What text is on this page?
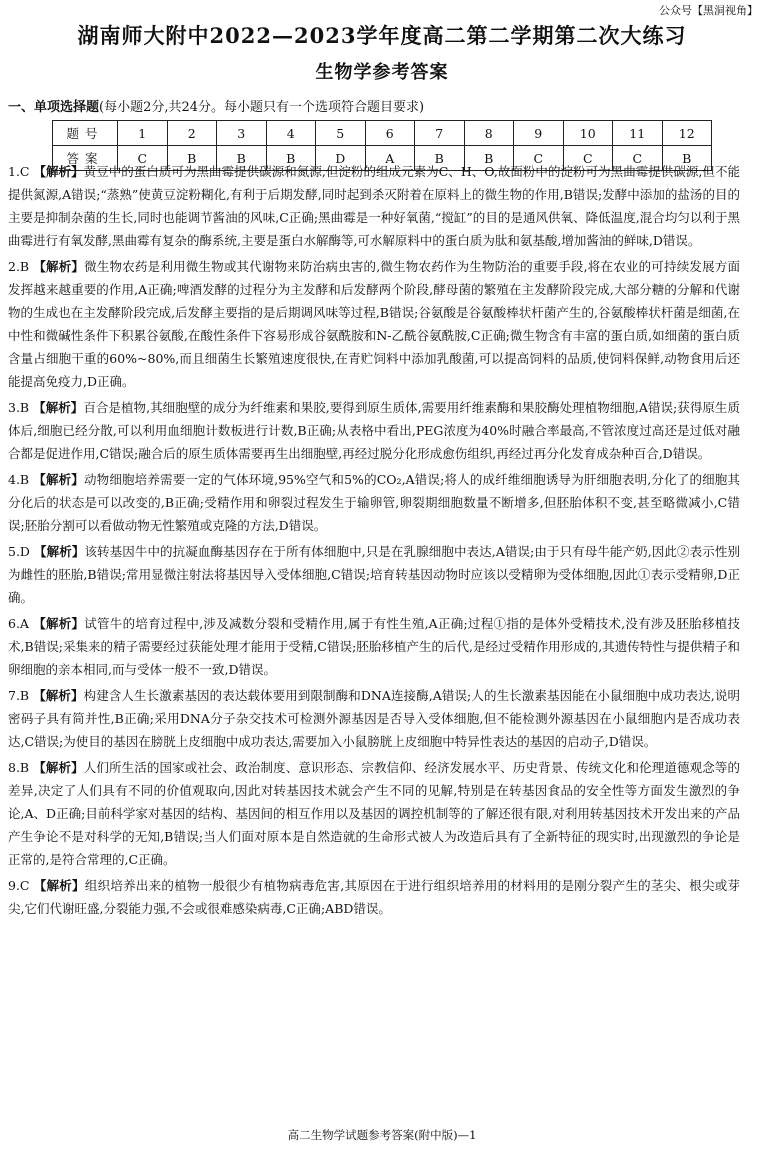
公众号【黑洞视角】
湖南师大附中2022—2023学年度高二第二学期第二次大练习
生物学参考答案
一、单项选择题(每小题2分,共24分。每小题只有一个选项符合题目要求)
题号	1	2	3	4	5	6	7	8	9	10	11	12
答案	C	B	B	B	D	A	B	B	C	C	C	B
1.C 【解析】黄豆中的蛋白质可为黑曲霉提供碳源和氮源,但淀粉的组成元素为C、H、O,故面粉中的淀粉可为黑曲霉提供碳源,但不能提供氮源,A错误;“蒸熟”使黄豆淀粉糊化,有利于后期发酵,同时起到杀灭附着在原料上的微生物的作用,B错误;发酵中添加的盐汤的目的主要是抑制杂菌的生长,同时也能调节酱油的风味,C正确;黑曲霉是一种好氧菌,“搅缸”的目的是通风供氧、降低温度,混合均匀以利于黑曲霉进行有氧发酵,黑曲霉有复杂的酶系统,主要是蛋白水解酶等,可水解原料中的蛋白质为肽和氨基酸,增加酱油的鲜味,D错误。
2.B 【解析】微生物农药是利用微生物或其代谢物来防治病虫害的,微生物农药作为生物防治的重要手段,将在农业的可持续发展方面发挥越来越重要的作用,A正确;啤酒发酵的过程分为主发酵和后发酵两个阶段,酵母菌的繁殖在主发酵阶段完成,大部分糖的分解和代谢物的生成也在主发酵阶段完成,后发酵主要指的是后期调风味等过程,B错误;谷氨酸是谷氨酸棒状杆菌产生的,谷氨酸棒状杆菌是细菌,在中性和微碱性条件下积累谷氨酸,在酸性条件下容易形成谷氨酰胺和N-乙酰谷氨酰胺,C正确;微生物含有丰富的蛋白质,如细菌的蛋白质含量占细胞干重的60%~80%,而且细菌生长繁殖速度很快,在青贮饲料中添加乳酸菌,可以提高饲料的品质,使饲料保鲜,动物食用后还能提高免疫力,D正确。
3.B 【解析】百合是植物,其细胞壁的成分为纤维素和果胶,要得到原生质体,需要用纤维素酶和果胶酶处理植物细胞,A错误;获得原生质体后,细胞已经分散,可以利用血细胞计数板进行计数,B正确;从表格中看出,PEG浓度为40%时融合率最高,不管浓度过高还是过低对融合都是促进作用,C错误;融合后的原生质体需要再生出细胞壁,再经过脱分化形成愈伤组织,再经过再分化发育成杂种百合,D错误。
4.B 【解析】动物细胞培养需要一定的气体环境,95%空气和5%的CO₂,A错误;将人的成纤维细胞诱导为肝细胞表明,分化了的细胞其分化后的状态是可以改变的,B正确;受精作用和卵裂过程发生于输卵管,卵裂期细胞数量不断增多,但胚胎体积不变,甚至略微减小,C错误;胚胎分割可以看做动物无性繁殖或克隆的方法,D错误。
5.D 【解析】该转基因牛中的抗凝血酶基因存在于所有体细胞中,只是在乳腺细胞中表达,A错误;由于只有母牛能产奶,因此②表示性别为雌性的胚胎,B错误;常用显微注射法将基因导入受体细胞,C错误;培育转基因动物时应该以受精卵为受体细胞,因此①表示受精卵,D正确。
6.A 【解析】试管牛的培育过程中,涉及减数分裂和受精作用,属于有性生殖,A正确;过程①指的是体外受精技术,没有涉及胚胎移植技术,B错误;采集来的精子需要经过获能处理才能用于受精,C错误;胚胎移植产生的后代,是经过受精作用形成的,其遗传特性与提供精子和卵细胞的亲本相同,而与受体一般不一致,D错误。
7.B 【解析】构建含人生长激素基因的表达载体要用到限制酶和DNA连接酶,A错误;人的生长激素基因能在小鼠细胞中成功表达,说明密码子具有简并性,B正确;采用DNA分子杂交技术可检测外源基因是否导入受体细胞,但不能检测外源基因在小鼠细胞内是否成功表达,C错误;为使目的基因在膀胱上皮细胞中成功表达,需要加入小鼠膀胱上皮细胞中特异性表达的基因的启动子,D错误。
8.B 【解析】人们所生活的国家或社会、政治制度、意识形态、宗教信仰、经济发展水平、历史背景、传统文化和伦理道德观念等的差异,决定了人们具有不同的价值观取向,因此对转基因技术就会产生不同的见解,特别是在转基因食品的安全性等方面发生激烈的争论,A、D正确;目前科学家对基因的结构、基因间的相互作用以及基因的调控机制等的了解还很有限,对利用转基因技术开发出来的产品产生争论不是对科学的无知,B错误;当人们面对原本是自然造就的生命形式被人为改造后具有了全新特征的现实时,出现激烈的争论是正常的,是符合常理的,C正确。
9.C 【解析】组织培养出来的植物一般很少有植物病毒危害,其原因在于进行组织培养用的材料用的是刚分裂产生的茎尖、根尖或芽尖,它们代谢旺盛,分裂能力强,不会或很难感染病毒,C正确;ABD错误。
高二生物学试题参考答案(附中版)—1
